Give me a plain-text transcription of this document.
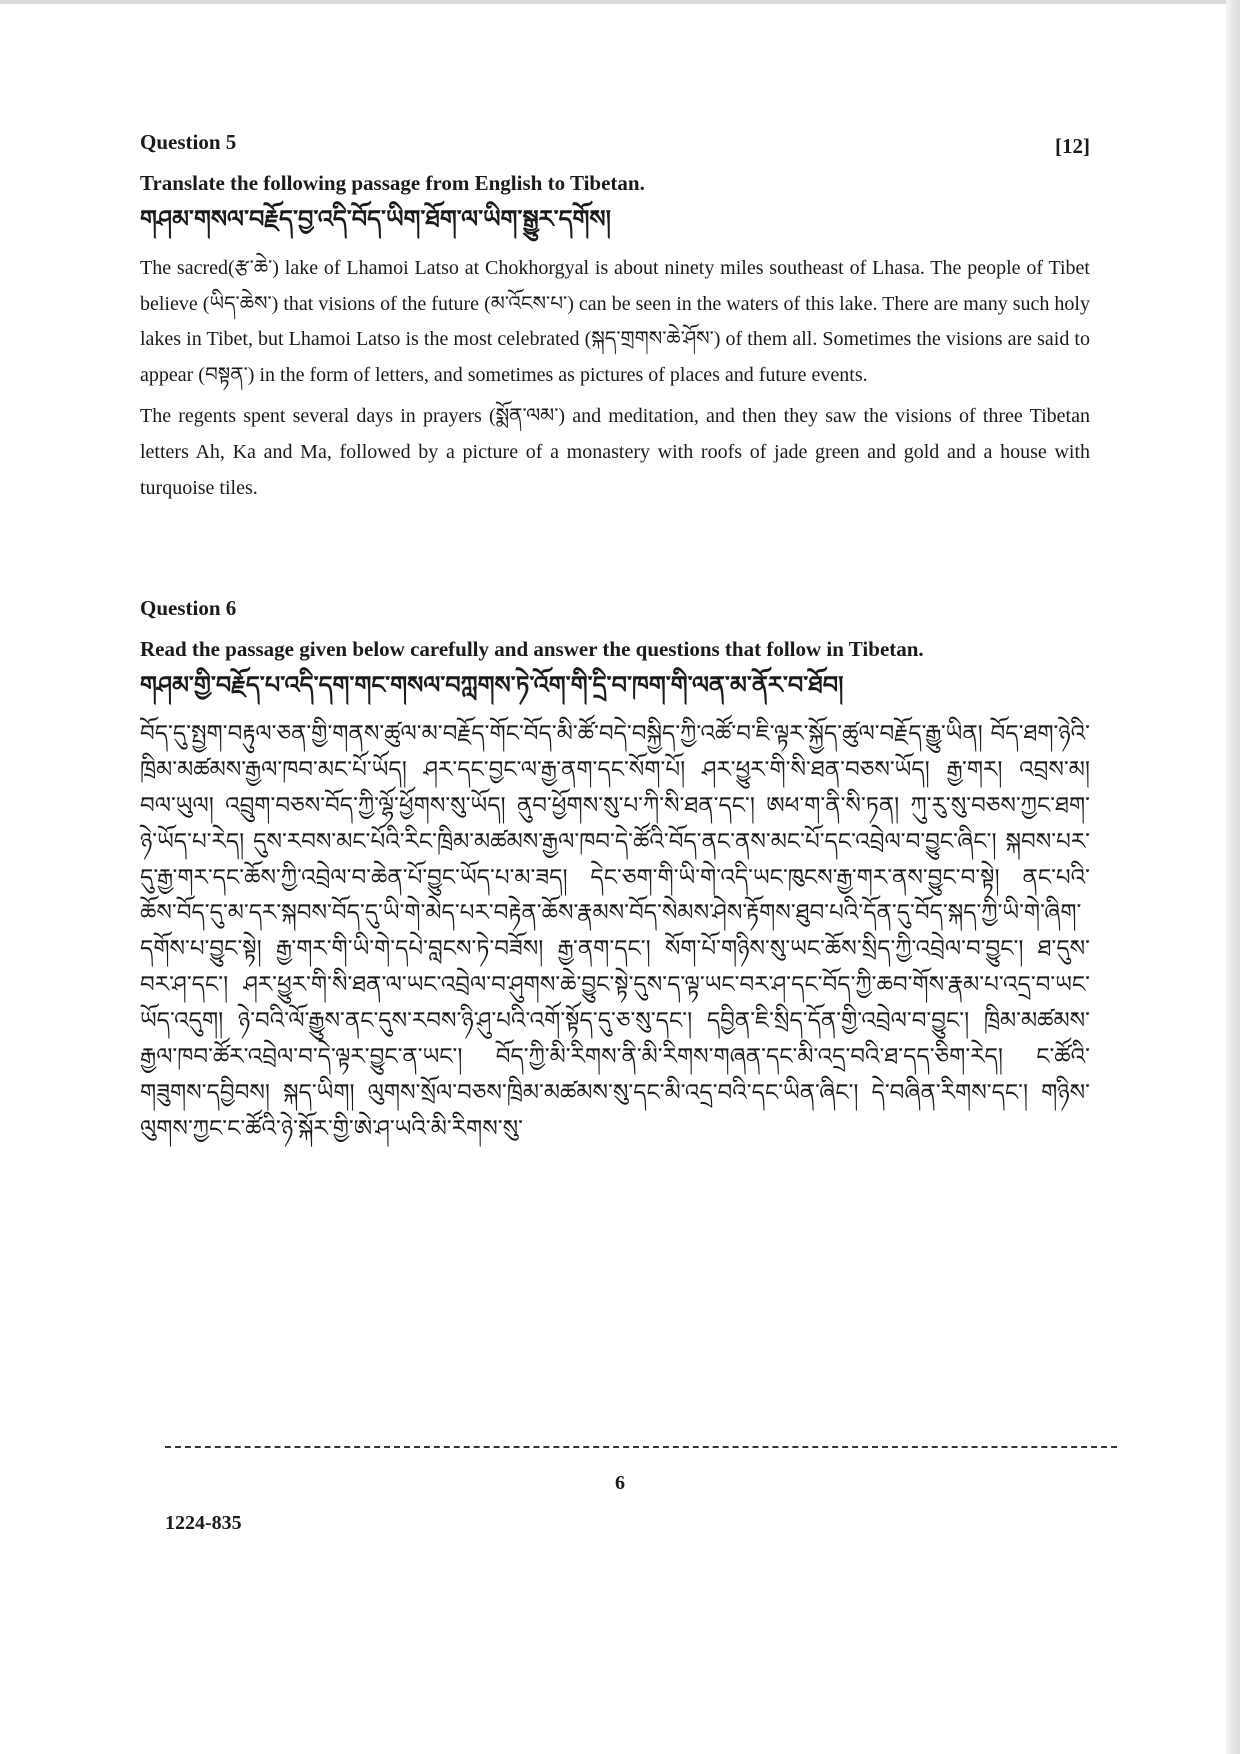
[12]
Question 5
Translate the following passage from English to Tibetan.
གཤམ་གསལ་བརྗོད་བྱ་འདི་བོད་ཡིག་ཐོག་ལ་ཡིག་སྒྱུར་དགོས།

The sacred(རྩ་ཆེ་) lake of Lhamoi Latso at Chokhorgyal is about ninety miles southeast of Lhasa. The people of Tibet believe (ཡིད་ཆེས་) that visions of the future (མ་འོངས་པ་) can be seen in the waters of this lake. There are many such holy lakes in Tibet, but Lhamoi Latso is the most celebrated (སྐད་གྲགས་ཆེ་ཤོས་) of them all. Sometimes the visions are said to appear (བསྟན་) in the form of letters, and sometimes as pictures of places and future events.

The regents spent several days in prayers (སྨོན་ལམ་) and meditation, and then they saw the visions of three Tibetan letters Ah, Ka and Ma, followed by a picture of a monastery with roofs of jade green and gold and a house with turquoise tiles.

Question 6
Read the passage given below carefully and answer the questions that follow in Tibetan.
གཤམ་གྱི་བརྗོད་པ་འདི་དག་གང་གསལ་བཀླགས་ཏེ་འོག་གི་དྲི་བ་ཁག་གི་ལན་མ་ནོར་བ་ཐོབ།

བོད་དུ་སྤྱག་བརྟུལ་ཅན་གྱི་གནས་ཚུལ་མ་བརྗོད་གོང་བོད་མི་ཚོ་བདེ་བསྐྱིད་ཀྱི་འཚོ་བ་ཇི་ལྟར་སྐྱོད་ཚུལ་བརྗོད་རྒྱུ་ཡིན། བོད་ཐག་ཉེའི་ཁྲིམ་མཚམས་རྒྱལ་ཁབ་མང་པོ་ཡོད། ཤར་དང་བྱང་ལ་རྒྱ་ནག་དང་སོག་པོ། ཤར་ཕྱུར་གི་སི་ཐན་བཅས་ཡོད། རྒྱ་གར། འབྲས་མ། བལ་ཡུལ། འབྲུག་བཅས་བོད་ཀྱི་ལྷོ་ཕྱོགས་སུ་ཡོད། ནུབ་ཕྱོགས་སུ་པ་ཀི་སི་ཐན་དང་། ཨཕ་ག་ནི་སི་ཏན། ཀུ་རུ་སུ་བཅས་ཀྱང་ཐག་ཉེ་ཡོད་པ་རེད། དུས་རབས་མང་པོའི་རིང་ཁྲིམ་མཚམས་རྒྱལ་ཁབ་དེ་ཚོའི་བོད་ནང་ནས་མང་པོ་དང་འབྲེལ་བ་བྱུང་ཞིང་། སྐབས་པར་དུ་རྒྱ་གར་དང་ཆོས་ཀྱི་འབྲེལ་བ་ཆེན་པོ་བྱུང་ཡོད་པ་མ་ཟད། དེང་ཅག་གི་ཡི་གེ་འདི་ཡང་ཁུངས་རྒྱ་གར་ནས་བྱུང་བ་སྟེ། ནང་པའི་ཆོས་བོད་དུ་མ་དར་སྐབས་བོད་དུ་ཡི་གེ་མེད་པར་བརྟེན་ཆོས་རྣམས་བོད་སེམས་ཤེས་རྟོགས་ཐུབ་པའི་དོན་དུ་བོད་སྐད་ཀྱི་ཡི་གེ་ཞིག་དགོས་པ་བྱུང་སྟེ། རྒྱ་གར་གི་ཡི་གེ་དཔེ་བླངས་ཏེ་བཟོས། རྒྱ་ནག་དང་། སོག་པོ་གཉིས་སུ་ཡང་ཆོས་སྲིད་ཀྱི་འབྲེལ་བ་བྱུང་། ཐ་དུས་བར་ཤ་དང་། ཤར་ཕྱུར་གི་སི་ཐན་ལ་ཡང་འབྲེལ་བ་ཤུགས་ཆེ་བྱུང་སྟེ་དུས་ད་ལྟ་ཡང་བར་ཤ་དང་བོད་ཀྱི་ཆབ་གོས་རྣམ་པ་འདྲ་བ་ཡང་ཡོད་འདུག། ཉེ་བའི་ལོ་རྒྱུས་ནང་དུས་རབས་ཉི་ཤུ་པའི་འགོ་སྟོད་དུ་ཅ་སུ་དང་། དབྱིན་ཇི་སྲིད་དོན་གྱི་འབྲེལ་བ་བྱུང་། ཁྲིམ་མཚམས་རྒྱལ་ཁབ་ཚོར་འབྲེལ་བ་དེ་ལྟར་བྱུང་ན་ཡང་། བོད་ཀྱི་མི་རིགས་ནི་མི་རིགས་གཞན་དང་མི་འདྲ་བའི་ཐ་དད་ཅིག་རེད། ང་ཚོའི་གཟུགས་དབྱིབས། སྐད་ཡིག། ལུགས་སྲོལ་བཅས་ཁྲིམ་མཚམས་སུ་དང་མི་འདྲ་བའི་དང་ཡིན་ཞིང་། དེ་བཞིན་རིགས་དང་། གཉིས་ལུགས་ཀྱང་ང་ཚོའི་ཉེ་སྐོར་གྱི་ཨེ་ཤ་ཡའི་མི་རིགས་སུ་

6
1224-835
